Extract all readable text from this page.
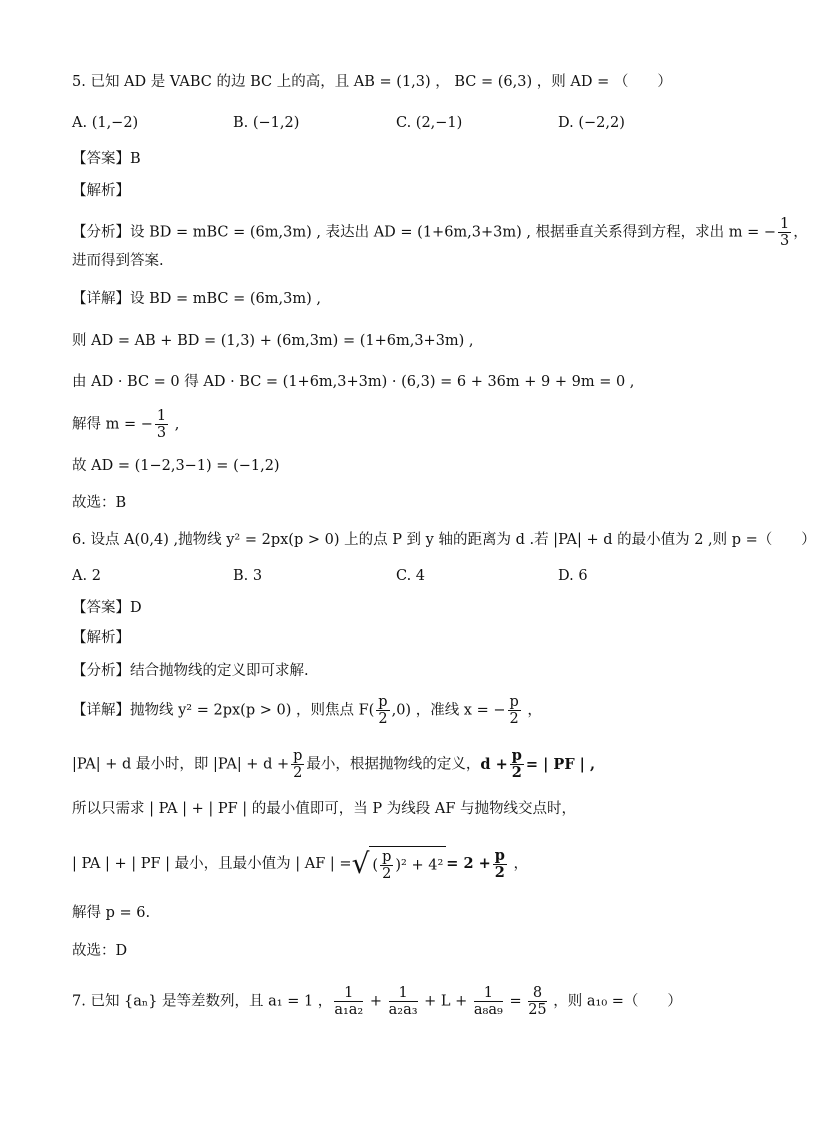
5. 已知 AD 是 VABC 的边 BC 上的高，且 AB = (1,3) ， BC = (6,3) ，则 AD = （　　）
A. (1,−2)	B. (−1,2)	C. (2,−1)	D. (−2,2)
【答案】B
【解析】
【分析】设 BD = mBC = (6m,3m) , 表达出 AD = (1+6m,3+3m) , 根据垂直关系得到方程，求出 m = − $\frac{1}{3}$ ，
进而得到答案.
【详解】设 BD = mBC = (6m,3m) ,
则 AD = AB + BD = (1,3) + (6m,3m) = (1+6m,3+3m) ,
由 AD · BC = 0 得 AD · BC = (1+6m,3+3m) · (6,3) = 6 + 36m + 9 + 9m = 0 ,
解得 m = − $\frac{1}{3}$ ,
故 AD = (1−2,3−1) = (−1,2)
故选：B
6. 设点 A(0,4) ,抛物线 y² = 2px(p > 0) 上的点 P 到 y 轴的距离为 d .若 |PA| + d 的最小值为 2 ,则 p =（　　）
A. 2	B. 3	C. 4	D. 6
【答案】D
【解析】
【分析】结合抛物线的定义即可求解.
【详解】抛物线 y² = 2px(p > 0) ，则焦点 $F( \frac{p}{2} ,0)$ ，准线 x = − $\frac{p}{2}$ ，
|PA| + d 最小时，即 $|PA| + d + \frac{p}{2}$ 最小，根据抛物线的定义，$d + \frac{p}{2}$ = | PF | ,
所以只需求 | PA | + | PF | 的最小值即可，当 P 为线段 AF 与抛物线交点时，
| PA | + | PF | 最小，且最小值为 | AF | =√ ( $\frac{p}{2} )^2 + 4^2 = 2 + \frac{p}{2}$ ，
解得 p = 6.
故选：D
7. 已知 {aₙ} 是等差数列，且 a₁ = 1 ， $\frac{1}{\text{a₁a₂}} + \frac{1}{\text{a₂a₃}} + L + \frac{1}{\text{a₈a₉}} = \frac{8}{25}$ ，则 a₁₀ =（　　）
